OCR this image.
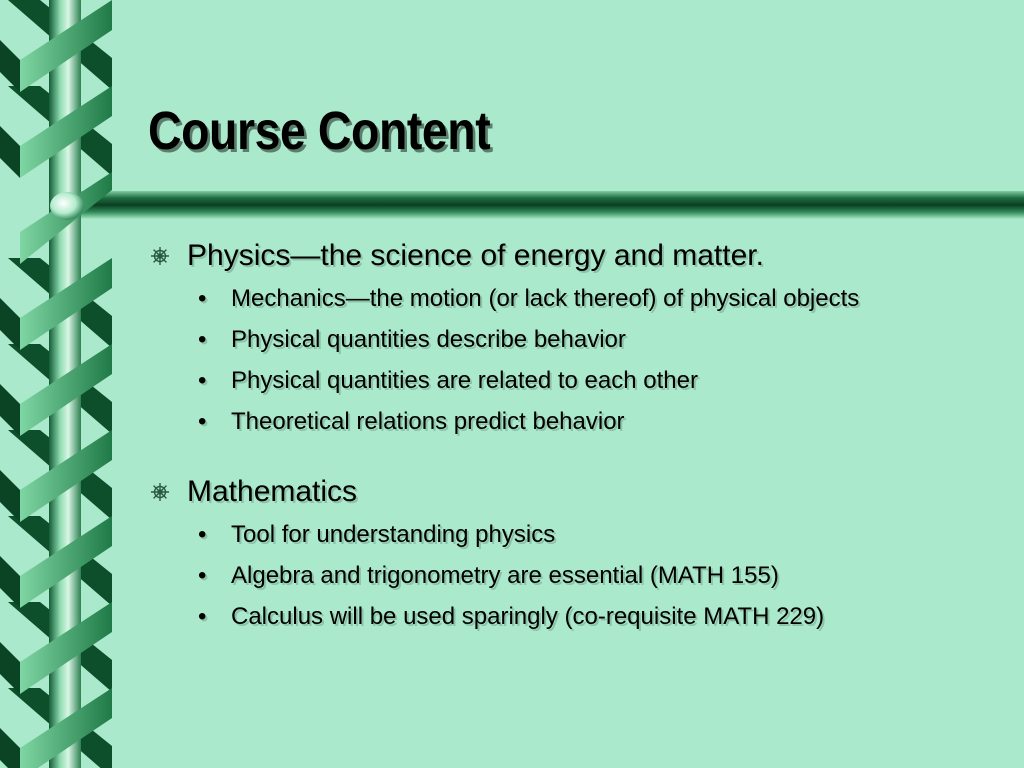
Course Content
Physics—the science of energy and matter.
•	Mechanics—the motion (or lack thereof) of physical objects
•	Physical quantities describe behavior
•	Physical quantities are related to each other
•	Theoretical relations predict behavior
Mathematics
•	Tool for understanding physics
•	Algebra and trigonometry are essential (MATH 155)
•	Calculus will be used sparingly (co-requisite MATH 229)
